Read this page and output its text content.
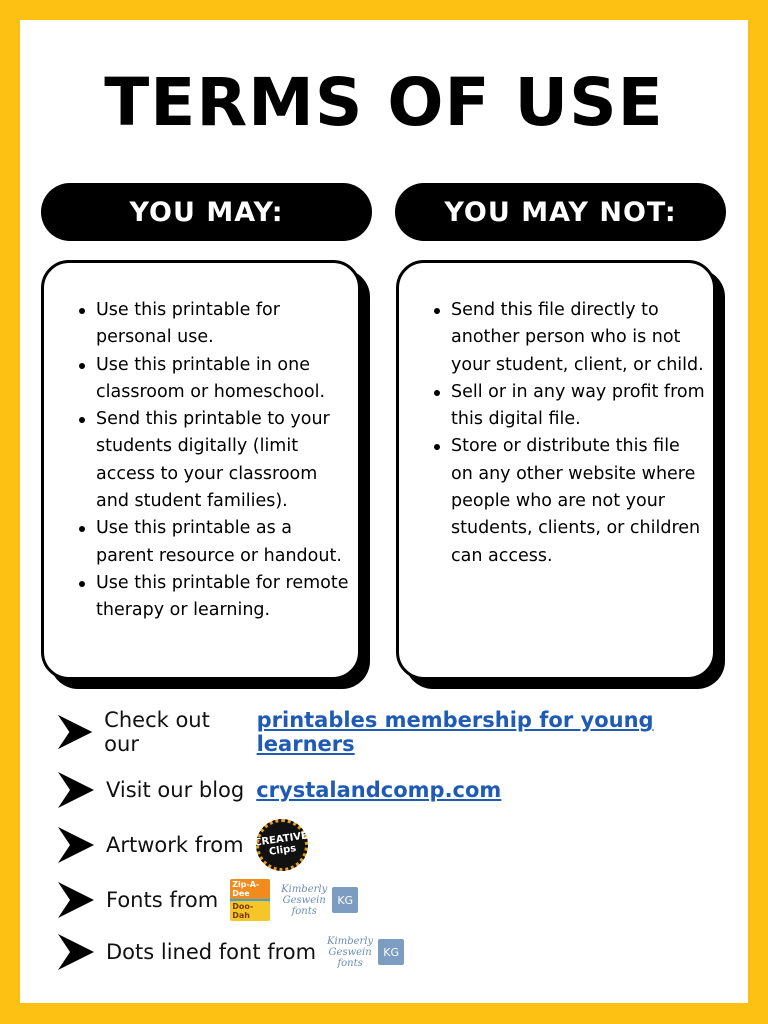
TERMS OF USE
YOU MAY:	YOU MAY NOT:
Use this printable for personal use.
Use this printable in one classroom or homeschool.
Send this printable to your students digitally (limit access to your classroom and student families).
Use this printable as a parent resource or handout.
Use this printable for remote therapy or learning.
Send this file directly to another person who is not your student, client, or child.
Sell or in any way profit from this digital file.
Store or distribute this file on any other website where people who are not your students, clients, or children can access.
Check out our
printables membership for young learners
Visit our blog crystalandcomp.com
Artwork from CREATIVE Clips
Fonts from
Zip-A-Dee
Doo-Dah
Kimberly Geswein fonts
KG
Dots lined font from Kimberly Geswein fonts
KG
